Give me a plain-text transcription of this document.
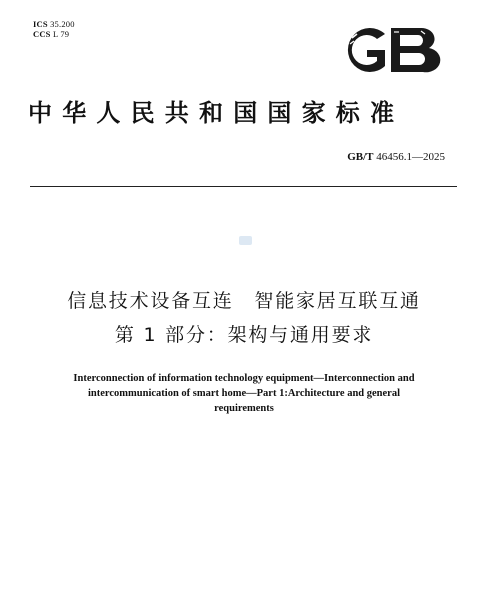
ICS 35.200
CCS L 79
中华人民共和国国家标准
GB/T 46456.1—2025
信息技术设备互连　智能家居互联互通
第 1 部分：架构与通用要求
Interconnection of information technology equipment—Interconnection and
intercommunication of smart home—Part 1:Architecture and general
requirements
